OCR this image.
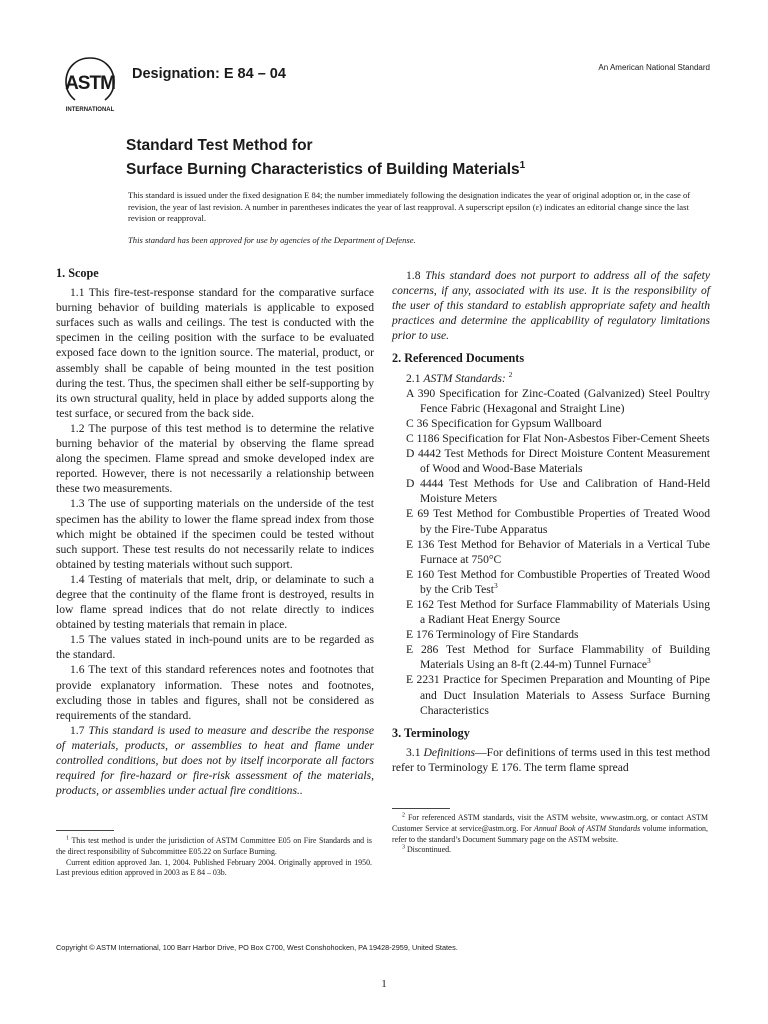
ASTM
INTERNATIONAL
Designation: E 84 – 04	An American National Standard
Standard Test Method for
Surface Burning Characteristics of Building Materials$^1$
This standard is issued under the fixed designation E 84; the number immediately following the designation indicates the year of original adoption or, in the case of revision, the year of last revision. A number in parentheses indicates the year of last reapproval. A superscript epsilon (ε) indicates an editorial change since the last revision or reapproval.
This standard has been approved for use by agencies of the Department of Defense.
1. Scope

1.1 This fire-test-response standard for the comparative surface burning behavior of building materials is applicable to exposed surfaces such as walls and ceilings. The test is conducted with the specimen in the ceiling position with the surface to be evaluated exposed face down to the ignition source. The material, product, or assembly shall be capable of being mounted in the test position during the test. Thus, the specimen shall either be self-supporting by its own structural quality, held in place by added supports along the test surface, or secured from the back side.

1.2 The purpose of this test method is to determine the relative burning behavior of the material by observing the flame spread along the specimen. Flame spread and smoke developed index are reported. However, there is not necessarily a relationship between these two measurements.

1.3 The use of supporting materials on the underside of the test specimen has the ability to lower the flame spread index from those which might be obtained if the specimen could be tested without such support. These test results do not necessarily relate to indices obtained by testing materials without such support.

1.4 Testing of materials that melt, drip, or delaminate to such a degree that the continuity of the flame front is destroyed, results in low flame spread indices that do not relate directly to indices obtained by testing materials that remain in place.

1.5 The values stated in inch-pound units are to be regarded as the standard.

1.6 The text of this standard references notes and footnotes that provide explanatory information. These notes and footnotes, excluding those in tables and figures, shall not be considered as requirements of the standard.

1.7 This standard is used to measure and describe the response of materials, products, or assemblies to heat and flame under controlled conditions, but does not by itself incorporate all factors required for fire-hazard or fire-risk assessment of the materials, products, or assemblies under actual fire conditions..

1.8 This standard does not purport to address all of the safety concerns, if any, associated with its use. It is the responsibility of the user of this standard to establish appropriate safety and health practices and determine the applicability of regulatory limitations prior to use.

2. Referenced Documents

2.1 ASTM Standards: $^2$

A 390 Specification for Zinc-Coated (Galvanized) Steel Poultry Fence Fabric (Hexagonal and Straight Line)

C 36 Specification for Gypsum Wallboard

C 1186 Specification for Flat Non-Asbestos Fiber-Cement Sheets

D 4442 Test Methods for Direct Moisture Content Measurement of Wood and Wood-Base Materials

D 4444 Test Methods for Use and Calibration of Hand-Held Moisture Meters

E 69 Test Method for Combustible Properties of Treated Wood by the Fire-Tube Apparatus

E 136 Test Method for Behavior of Materials in a Vertical Tube Furnace at 750°C

E 160 Test Method for Combustible Properties of Treated Wood by the Crib Test$^3$

E 162 Test Method for Surface Flammability of Materials Using a Radiant Heat Energy Source

E 176 Terminology of Fire Standards

E 286 Test Method for Surface Flammability of Building Materials Using an 8-ft (2.44-m) Tunnel Furnace$^3$

E 2231 Practice for Specimen Preparation and Mounting of Pipe and Duct Insulation Materials to Assess Surface Burning Characteristics

3. Terminology

3.1 Definitions—For definitions of terms used in this test method refer to Terminology E 176. The term flame spread

$^1$ This test method is under the jurisdiction of ASTM Committee E05 on Fire Standards and is the direct responsibility of Subcommittee E05.22 on Surface Burning.

Current edition approved Jan. 1, 2004. Published February 2004. Originally approved in 1950. Last previous edition approved in 2003 as E 84 – 03b.

$^2$ For referenced ASTM standards, visit the ASTM website, www.astm.org, or contact ASTM Customer Service at service@astm.org. For Annual Book of ASTM Standards volume information, refer to the standard’s Document Summary page on the ASTM website.

$^3$ Discontinued.

Copyright © ASTM International, 100 Barr Harbor Drive, PO Box C700, West Conshohocken, PA 19428-2959, United States.
1
